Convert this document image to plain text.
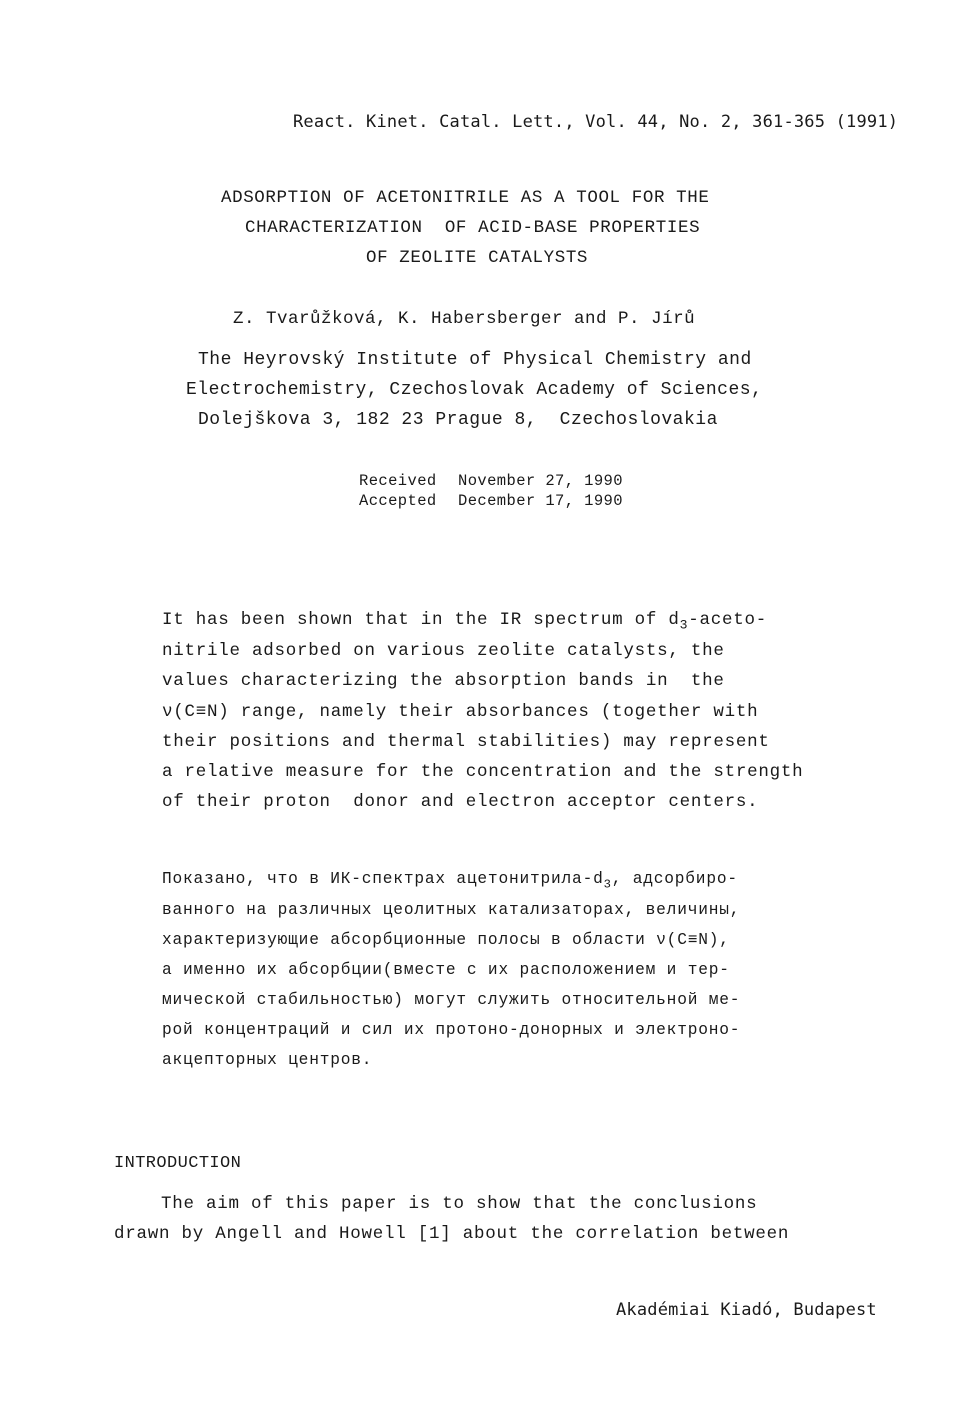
React. Kinet. Catal. Lett., Vol. 44, No. 2, 361-365 (1991)
ADSORPTION OF ACETONITRILE AS A TOOL FOR THE
CHARACTERIZATION  OF ACID-BASE PROPERTIES
OF ZEOLITE CATALYSTS
Z. Tvarůžková, K. Habersberger and P. Jírů
The Heyrovský Institute of Physical Chemistry and
Electrochemistry, Czechoslovak Academy of Sciences,
Dolejškova 3, 182 23 Prague 8,  Czechoslovakia
Received November 27, 1990
Accepted December 17, 1990
It has been shown that in the IR spectrum of $d_3-aceto-$
nitrile adsorbed on various zeolite catalysts, the
values characterizing the absorption bands in  the
ν(C≡N) range, namely their absorbances (together with
their positions and thermal stabilities) may represent
a relative measure for the concentration and the strength
of their proton  donor and electron acceptor centers.
Показано, что в ИК-спектрах ацетонитрила-$d_3$, адсорбиро-
ванного на различных цеолитных катализаторах, величины,
характеризующие абсорбционные полосы в области ν(C≡N),
а именно их абсорбции(вместе с их расположением и тер-
мической стабильностью) могут служить относительной ме-
рой концентраций и сил их протоно-донорных и электроно-
акцепторных центров.
INTRODUCTION
The aim of this paper is to show that the conclusions
drawn by Angell and Howell [1] about the correlation between
Akadémiai Kiadó, Budapest
